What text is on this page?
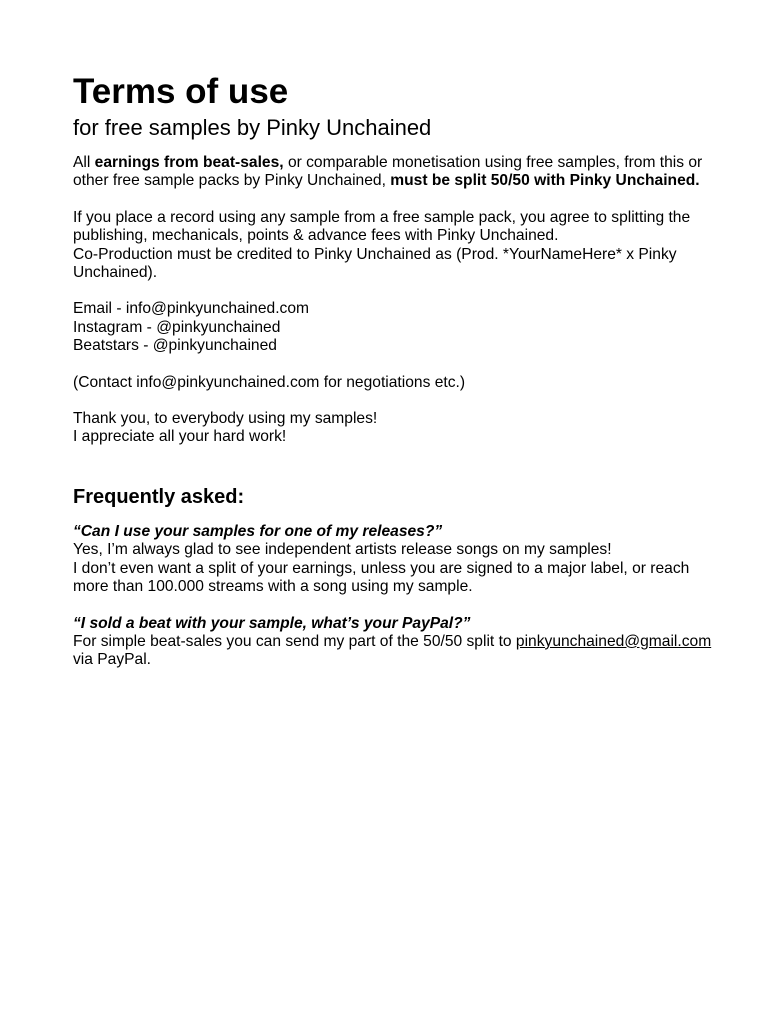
Terms of use
for free samples by Pinky Unchained

All earnings from beat-sales, or comparable monetisation using free samples, from this or other free sample packs by Pinky Unchained, must be split 50/50 with Pinky Unchained.

If you place a record using any sample from a free sample pack, you agree to splitting the publishing, mechanicals, points & advance fees with Pinky Unchained.

Co-Production must be credited to Pinky Unchained as (Prod. *YourNameHere* x Pinky Unchained).

Email - info@pinkyunchained.com

Instagram - @pinkyunchained

Beatstars - @pinkyunchained

(Contact info@pinkyunchained.com for negotiations etc.)

Thank you, to everybody using my samples!

I appreciate all your hard work!

Frequently asked:

“Can I use your samples for one of my releases?”

Yes, I’m always glad to see independent artists release songs on my samples!

I don’t even want a split of your earnings, unless you are signed to a major label, or reach more than 100.000 streams with a song using my sample.

“I sold a beat with your sample, what’s your PayPal?”

For simple beat-sales you can send my part of the 50/50 split to pinkyunchained@gmail.com via PayPal.
